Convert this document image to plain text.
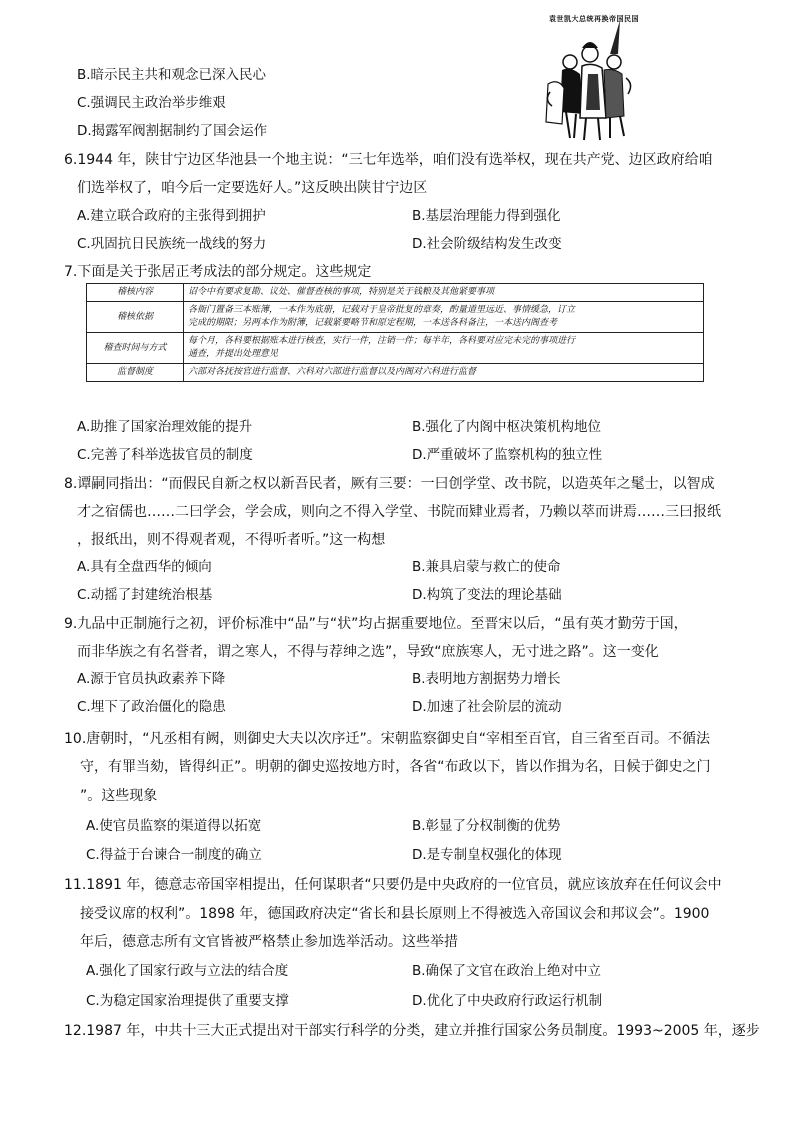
袁世凯大总统再换帝国民国
B.暗示民主共和观念已深入民心
C.强调民主政治举步维艰
D.揭露军阀割据制约了国会运作
6.1944 年，陕甘宁边区华池县一个地主说：“三七年选举，咱们没有选举权，现在共产党、边区政府给咱
们选举权了，咱今后一定要选好人。”这反映出陕甘宁边区
A.建立联合政府的主张得到拥护	B.基层治理能力得到强化
C.巩固抗日民族统一战线的努力	D.社会阶级结构发生改变
7.下面是关于张居正考成法的部分规定。这些规定
稽核内容	诏令中有要求复勘、议处、催督查核的事项，特别是关于钱粮及其他紧要事项
稽核依据	各衙门置备三本账簿，一本作为底册，记载对于皇帝批复的章奏，酌量道里远近、事情缓急，订立
完成的期限；另两本作为附簿，记载紧要略节和原定程期，一本送各科备注，一本送内阁查考
稽查时间与方式	每个月，各科要根据账本进行核查，实行一件，注销一件；每半年，各科要对应完未完的事项进行
通查，并提出处理意见
监督制度	六部对各抚按官进行监督、六科对六部进行监督以及内阁对六科进行监督
A.助推了国家治理效能的提升	B.强化了内阁中枢决策机构地位
C.完善了科举选拔官员的制度	D.严重破坏了监察机构的独立性
8.谭嗣同指出：“而假民自新之权以新吾民者，厥有三要：一曰创学堂、改书院，以造英年之髦士，以智成
才之宿儒也……二曰学会，学会成，则向之不得入学堂、书院而肄业焉者，乃赖以萃而讲焉……三曰报纸
，报纸出，则不得观者观，不得听者听。”这一构想
A.具有全盘西华的倾向	B.兼具启蒙与救亡的使命
C.动摇了封建统治根基	D.构筑了变法的理论基础
9.九品中正制施行之初，评价标准中“品”与“状”均占据重要地位。至晋宋以后，“虽有英才勤劳于国，
而非华族之有名誉者，谓之寒人，不得与荐绅之选”，导致“庶族寒人，无寸进之路”。这一变化
A.源于官员执政素养下降	B.表明地方割据势力增长
C.埋下了政治僵化的隐患	D.加速了社会阶层的流动
10.唐朝时，“凡丞相有阙，则御史大夫以次序迁”。宋朝监察御史自“宰相至百官，自三省至百司。不循法
守，有罪当劾，皆得纠正”。明朝的御史巡按地方时，各省“布政以下，皆以作揖为名，日候于御史之门
”。这些现象
A.使官员监察的渠道得以拓宽	B.彰显了分权制衡的优势
C.得益于台谏合一制度的确立	D.是专制皇权强化的体现
11.1891 年，德意志帝国宰相提出，任何谋职者“只要仍是中央政府的一位官员，就应该放弃在任何议会中
接受议席的权利”。1898 年，德国政府决定“省长和县长原则上不得被选入帝国议会和邦议会”。1900
年后，德意志所有文官皆被严格禁止参加选举活动。这些举措
A.强化了国家行政与立法的结合度	B.确保了文官在政治上绝对中立
C.为稳定国家治理提供了重要支撑	D.优化了中央政府行政运行机制
12.1987 年，中共十三大正式提出对干部实行科学的分类，建立并推行国家公务员制度。1993~2005 年，逐步
